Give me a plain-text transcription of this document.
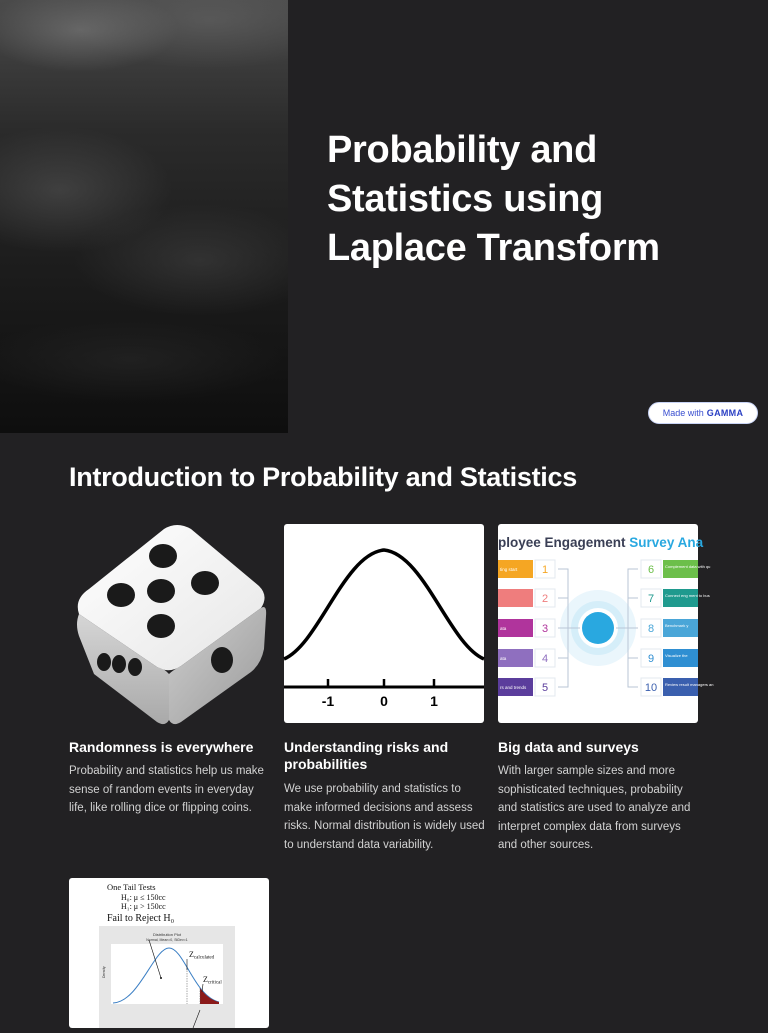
Probability and Statistics using Laplace Transform
Made with GAMMA
Introduction to Probability and Statistics
Randomness is everywhere

Probability and statistics help us make sense of random events in everyday life, like rolling dice or flipping coins.

-1	0	1
Understanding risks and probabilities

We use probability and statistics to make informed decisions and assess risks. Normal distribution is widely used to understand data variability.

ployee Engagement Survey Ana
ting start 1
2
ata	3
ata	4
rs and trends 5
6	Complement data with qu
7	Connect eng ment to bus
8	Benchmark y
9	Visualize the
10 Review result managers an
Big data and surveys

With larger sample sizes and more sophisticated techniques, probability and statistics are used to analyze and interpret complex data from surveys and other sources.

One Tail Tests
H₀: μ ≤ 150cc
H₁: μ > 150cc
Fail to Reject H₀
Distribution Plot
Normal, Mean=0, StDev=1
Density
Zcalculated
Zcritical
